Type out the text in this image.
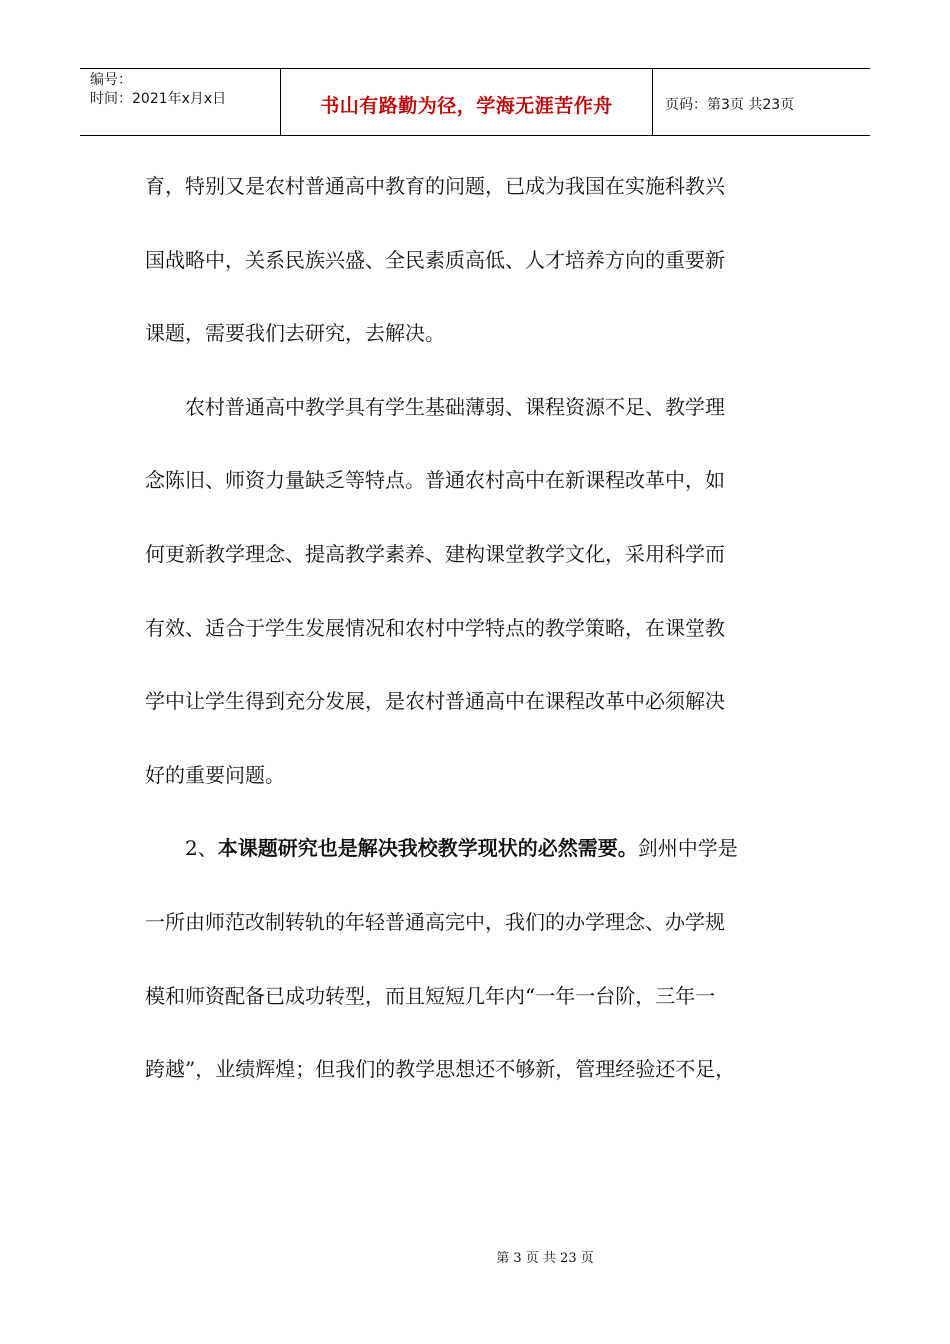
编号：
时间：2021年x月x日	书山有路勤为径，学海无涯苦作舟	页码：第3页 共23页
育，特别又是农村普通高中教育的问题，已成为我国在实施科教兴
国战略中，关系民族兴盛、全民素质高低、人才培养方向的重要新
课题，需要我们去研究，去解决。
　　农村普通高中教学具有学生基础薄弱、课程资源不足、教学理
念陈旧、师资力量缺乏等特点。普通农村高中在新课程改革中，如
何更新教学理念、提高教学素养、建构课堂教学文化，采用科学而
有效、适合于学生发展情况和农村中学特点的教学策略，在课堂教
学中让学生得到充分发展，是农村普通高中在课程改革中必须解决
好的重要问题。
　　2、本课题研究也是解决我校教学现状的必然需要。剑州中学是
一所由师范改制转轨的年轻普通高完中，我们的办学理念、办学规
模和师资配备已成功转型，而且短短几年内“一年一台阶，三年一
跨越”，业绩辉煌；但我们的教学思想还不够新，管理经验还不足，
第 3 页 共 23 页
